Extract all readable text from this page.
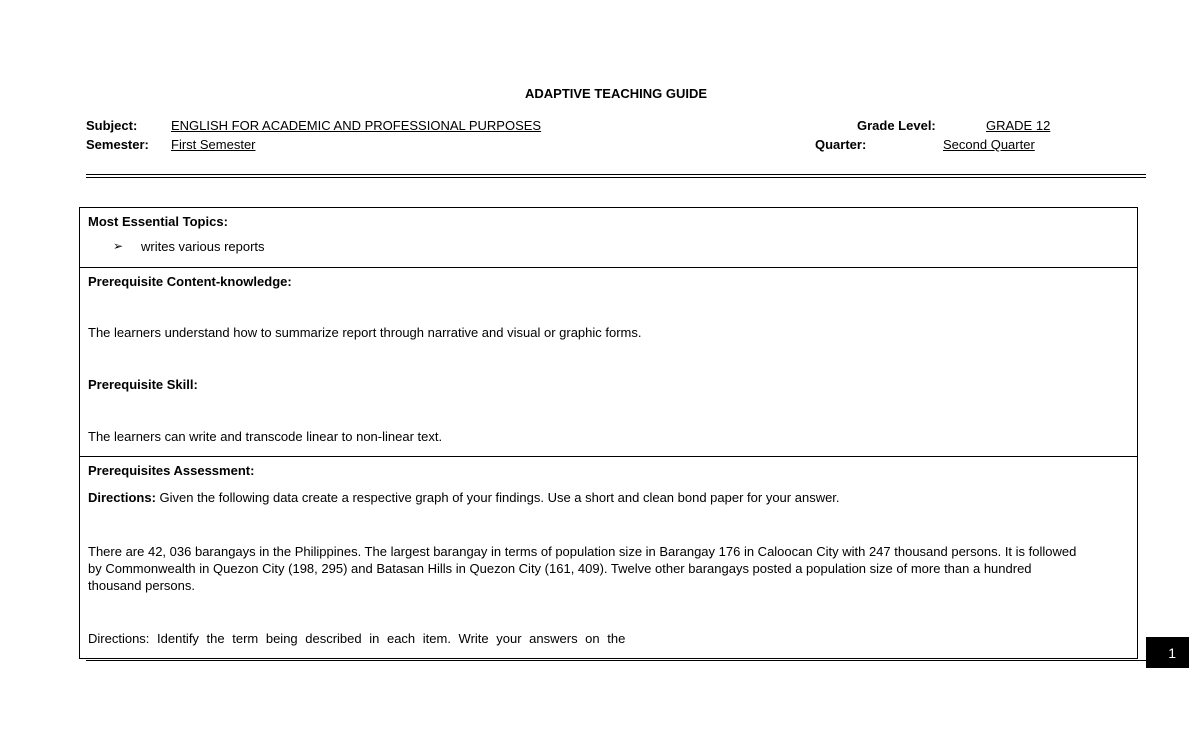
ADAPTIVE TEACHING GUIDE
Subject:	ENGLISH FOR ACADEMIC AND PROFESSIONAL PURPOSES	Grade Level:	GRADE 12
Semester: First Semester	Quarter:	Second Quarter
Most Essential Topics:
➢ writes various reports
Prerequisite Content-knowledge:
The learners understand how to summarize report through narrative and visual or graphic forms.
Prerequisite Skill:
The learners can write and transcode linear to non-linear text.
Prerequisites Assessment:
Directions: Given the following data create a respective graph of your findings. Use a short and clean bond paper for your answer.
There are 42, 036 barangays in the Philippines. The largest barangay in terms of population size in Barangay 176 in Caloocan City with 247 thousand persons. It is followed by Commonwealth in Quezon City (198, 295) and Batasan Hills in Quezon City (161, 409). Twelve other barangays posted a population size of more than a hundred thousand persons.
Directions: Identify the term being described in each item. Write your answers on the
1
